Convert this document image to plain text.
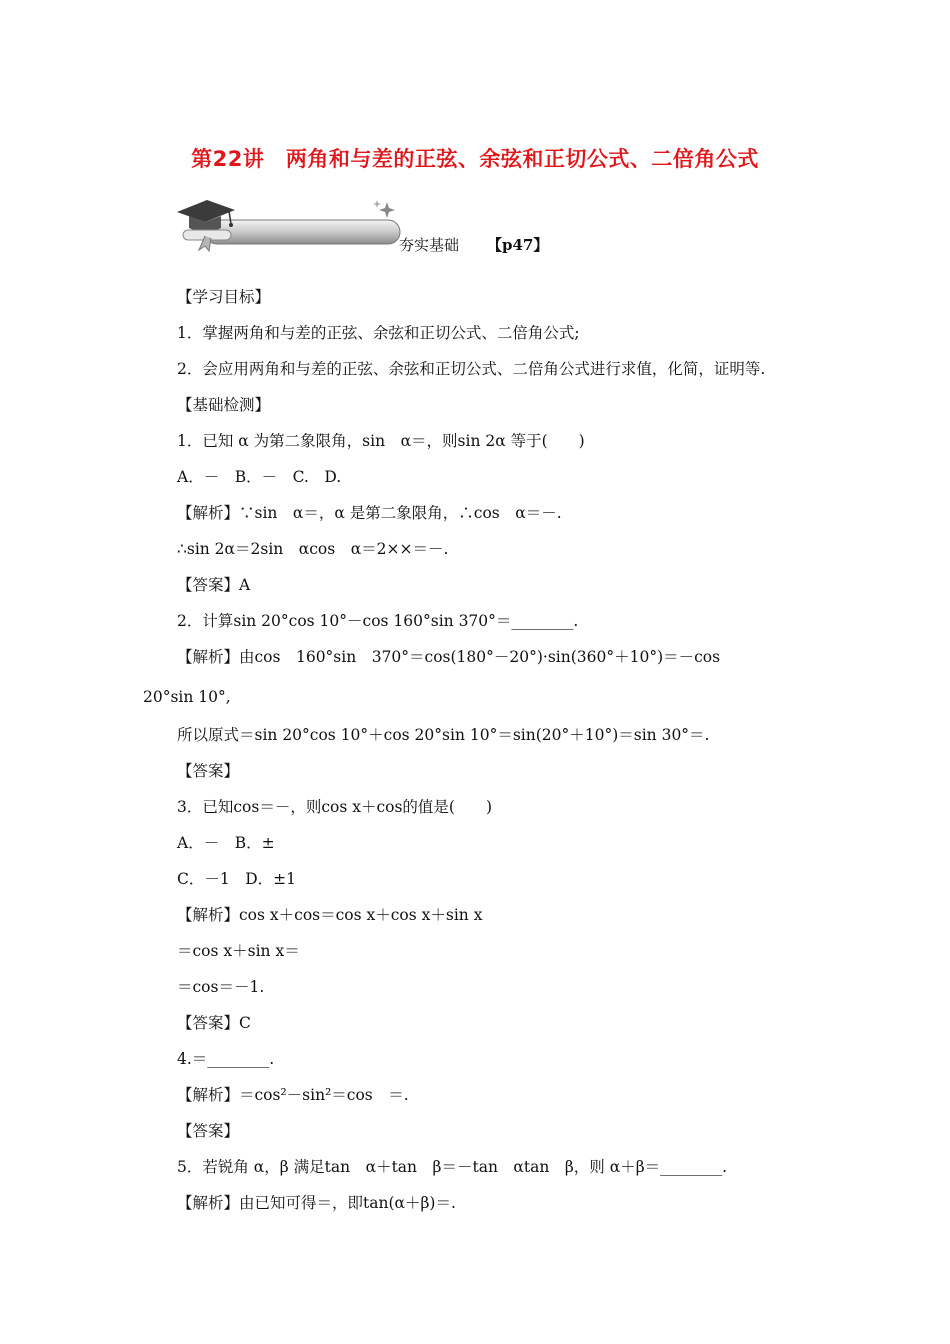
第22讲　两角和与差的正弦、余弦和正切公式、二倍角公式
夯实基础 【p47】
【学习目标】
1．掌握两角和与差的正弦、余弦和正切公式、二倍角公式;
2．会应用两角和与差的正弦、余弦和正切公式、二倍角公式进行求值，化简，证明等.
【基础检测】
1．已知 α 为第二象限角，sin　α＝，则sin 2α 等于(　　)
A．－　B．－　C.　D.
【解析】∵sin　α＝，α 是第二象限角，∴cos　α＝－.
∴sin 2α＝2sin　αcos　α＝2××＝－.
【答案】A
2．计算sin 20°cos 10°－cos 160°sin 370°＝________.
【解析】由cos　160°sin　370°＝cos(180°－20°)·sin(360°＋10°)＝－cos
20°sin 10°,
所以原式＝sin 20°cos 10°＋cos 20°sin 10°＝sin(20°＋10°)＝sin 30°＝.
【答案】
3．已知cos＝－，则cos x＋cos的值是(　　)
A．－　B．±
C．－1　D．±1
【解析】cos x＋cos＝cos x＋cos x＋sin x
＝cos x＋sin x＝
＝cos＝－1.
【答案】C
4.＝________.
【解析】＝cos²－sin²＝cos　＝.
【答案】
5．若锐角 α，β 满足tan　α＋tan　β＝－tan　αtan　β，则 α＋β＝________.
【解析】由已知可得＝，即tan(α＋β)＝.
